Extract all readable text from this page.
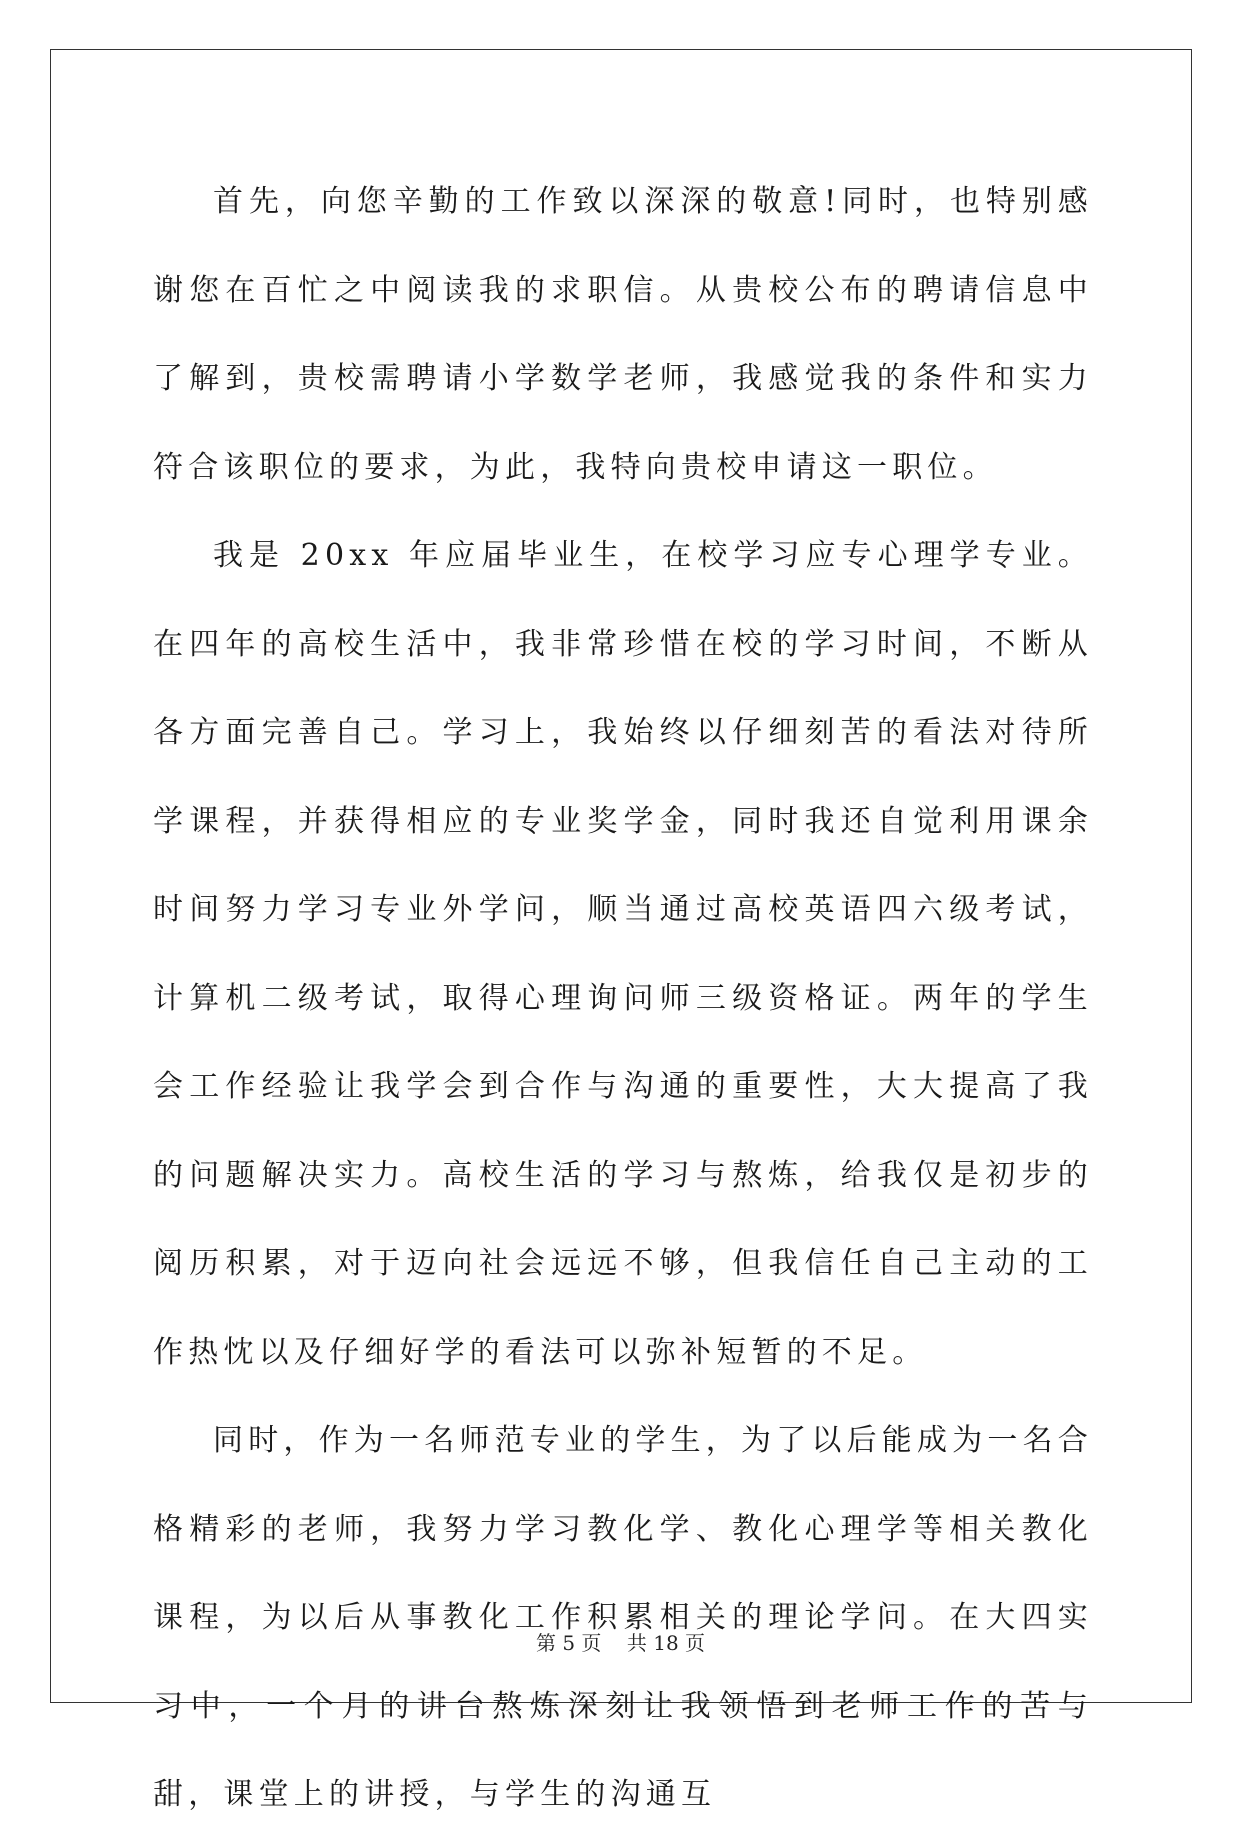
首先，向您辛勤的工作致以深深的敬意!同时，也特别感谢您在百忙之中阅读我的求职信。从贵校公布的聘请信息中了解到，贵校需聘请小学数学老师，我感觉我的条件和实力符合该职位的要求，为此，我特向贵校申请这一职位。

我是 20xx 年应届毕业生，在校学习应专心理学专业。在四年的高校生活中，我非常珍惜在校的学习时间，不断从各方面完善自己。学习上，我始终以仔细刻苦的看法对待所学课程，并获得相应的专业奖学金，同时我还自觉利用课余时间努力学习专业外学问，顺当通过高校英语四六级考试，计算机二级考试，取得心理询问师三级资格证。两年的学生会工作经验让我学会到合作与沟通的重要性，大大提高了我的问题解决实力。高校生活的学习与熬炼，给我仅是初步的阅历积累，对于迈向社会远远不够，但我信任自己主动的工作热忱以及仔细好学的看法可以弥补短暂的不足。

同时，作为一名师范专业的学生，为了以后能成为一名合格精彩的老师，我努力学习教化学、教化心理学等相关教化课程，为以后从事教化工作积累相关的理论学问。在大四实习中，一个月的讲台熬炼深刻让我领悟到老师工作的苦与甜，课堂上的讲授，与学生的沟通互

第 5 页 共 18 页
